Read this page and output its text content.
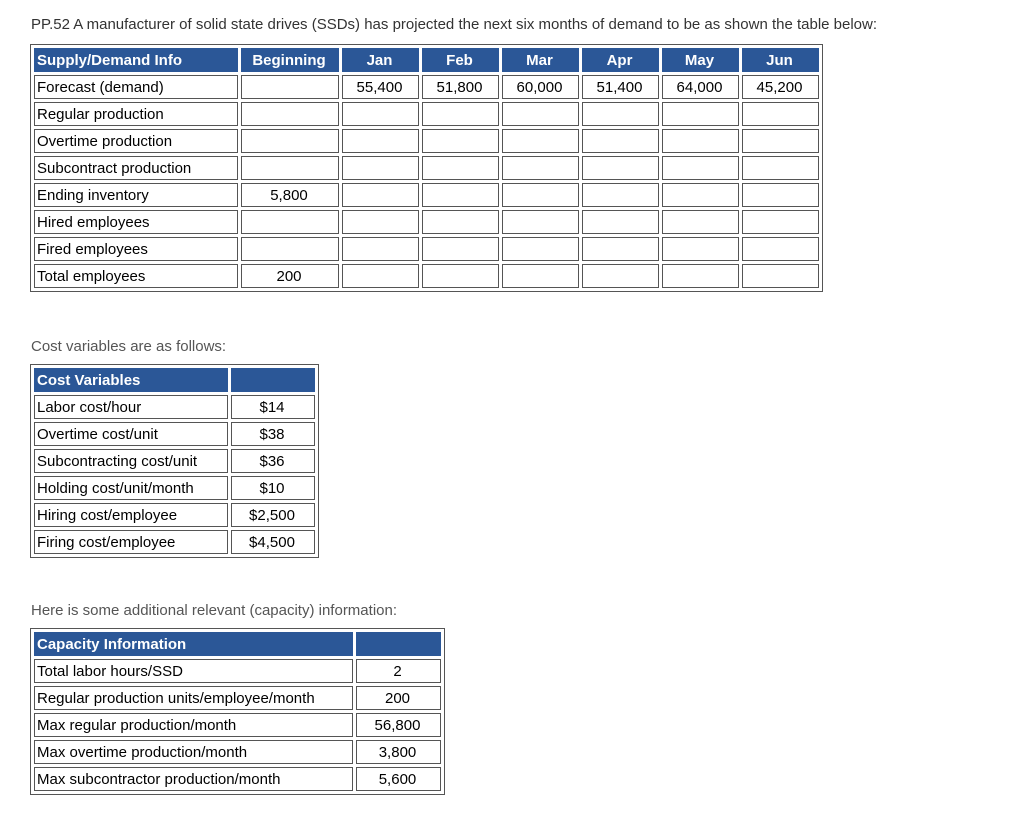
PP.52 A manufacturer of solid state drives (SSDs) has projected the next six months of demand to be as shown the table below:
Supply/Demand Info	Beginning	Jan	Feb	Mar	Apr	May	Jun
Forecast (demand)		55,400	51,800	60,000	51,400	64,000	45,200
Regular production							
Overtime production							
Subcontract production							
Ending inventory	5,800						
Hired employees							
Fired employees							
Total employees	200						
Cost variables are as follows:
Cost Variables	
Labor cost/hour	$14
Overtime cost/unit	$38
Subcontracting cost/unit	$36
Holding cost/unit/month	$10
Hiring cost/employee	$2,500
Firing cost/employee	$4,500
Here is some additional relevant (capacity) information:
Capacity Information	
Total labor hours/SSD	2
Regular production units/employee/month	200
Max regular production/month	56,800
Max overtime production/month	3,800
Max subcontractor production/month	5,600
